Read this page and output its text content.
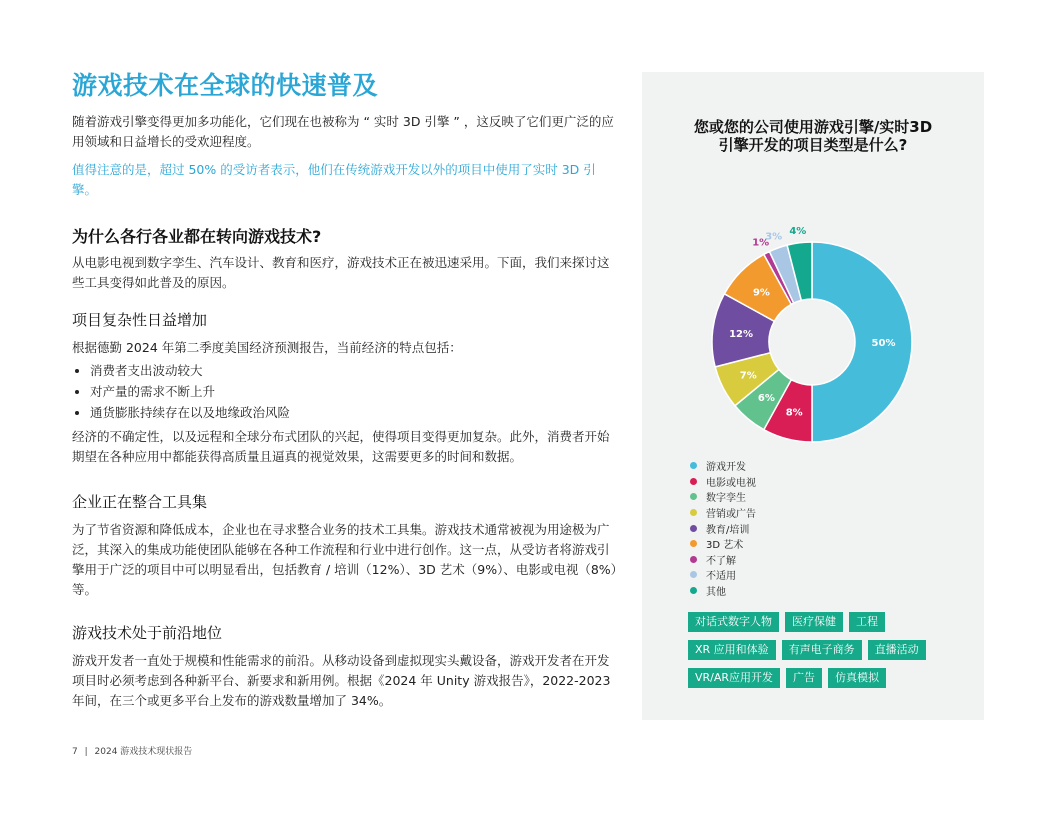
游戏技术在全球的快速普及

随着游戏引擎变得更加多功能化，它们现在也被称为 “ 实时 3D 引擎 ” ，这反映了它们更广泛的应用领域和日益增长的受欢迎程度。

值得注意的是，超过 50% 的受访者表示，他们在传统游戏开发以外的项目中使用了实时 3D 引擎。

为什么各行各业都在转向游戏技术?

从电影电视到数字孪生、汽车设计、教育和医疗，游戏技术正在被迅速采用。下面，我们来探讨这些工具变得如此普及的原因。

项目复杂性日益增加

根据德勤 2024 年第二季度美国经济预测报告，当前经济的特点包括：

• 消费者支出波动较大
• 对产量的需求不断上升
• 通货膨胀持续存在以及地缘政治风险

经济的不确定性，以及远程和全球分布式团队的兴起，使得项目变得更加复杂。此外，消费者开始期望在各种应用中都能获得高质量且逼真的视觉效果，这需要更多的时间和数据。

企业正在整合工具集

为了节省资源和降低成本，企业也在寻求整合业务的技术工具集。游戏技术通常被视为用途极为广泛，其深入的集成功能使团队能够在各种工作流程和行业中进行创作。这一点，从受访者将游戏引擎用于广泛的项目中可以明显看出，包括教育 / 培训（12%）、3D 艺术（9%）、电影或电视（8%）等。

游戏技术处于前沿地位

游戏开发者一直处于规模和性能需求的前沿。从移动设备到虚拟现实头戴设备，游戏开发者在开发项目时必须考虑到各种新平台、新要求和新用例。根据《2024 年 Unity 游戏报告》，2022-2023 年间，在三个或更多平台上发布的游戏数量增加了 34%。

7 | 2024 游戏技术现状报告
您或您的公司使用游戏引擎/实时3D引擎开发的项目类型是什么?
50%
8%
6%
7%
12%
9%
1%
3%
4%
游戏开发
电影或电视
数字孪生
营销或广告
教育/培训
3D 艺术
不了解
不适用
其他
对话式数字人物	医疗保健	工程
XR 应用和体验	有声电子商务	直播活动
VR/AR应用开发	广告	仿真模拟
